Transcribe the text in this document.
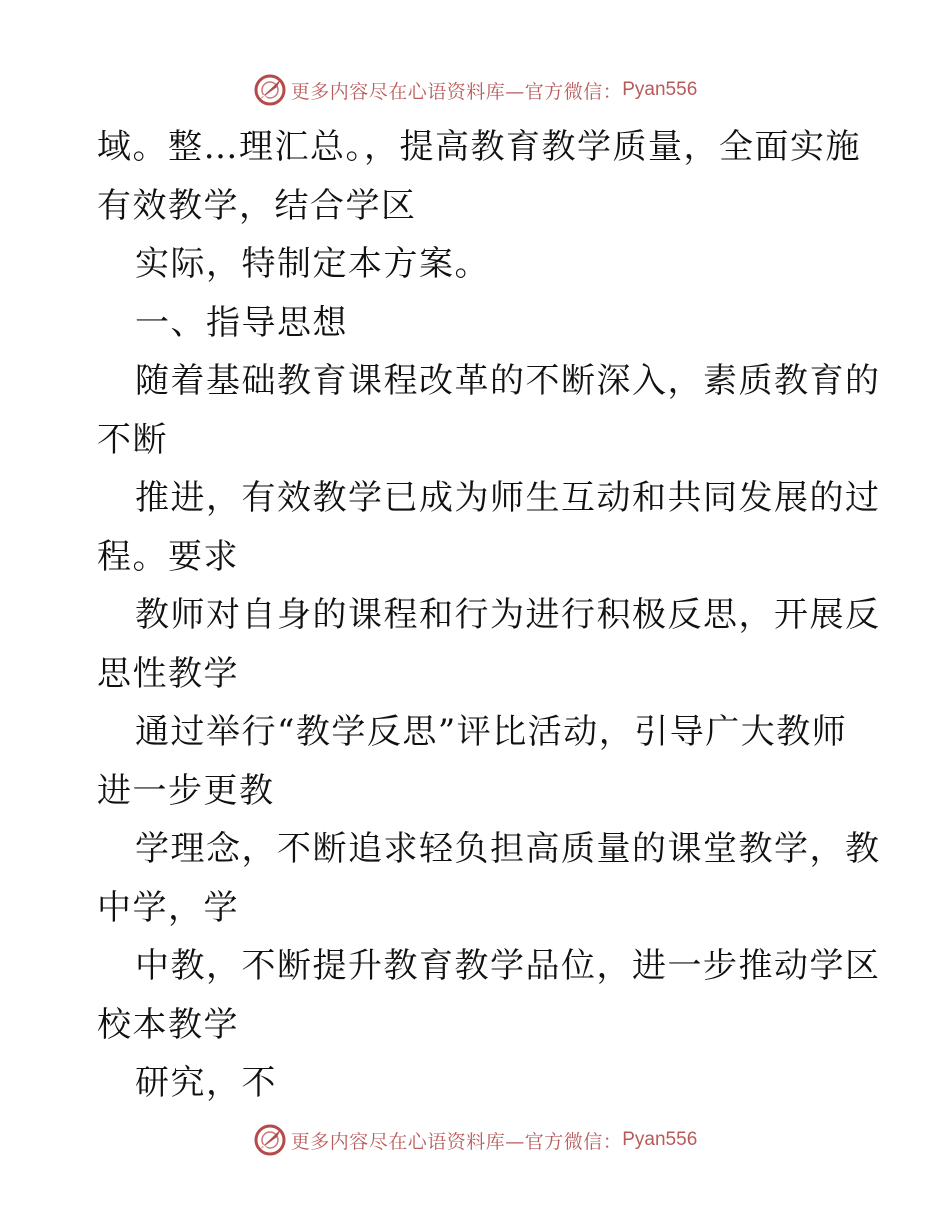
更多内容尽在心语资料库—官方微信： Pyan556
域。整…理汇总。，提高教育教学质量，全面实施
有效教学，结合学区
实际，特制定本方案。
一、指导思想
随着基础教育课程改革的不断深入，素质教育的
不断
推进，有效教学已成为师生互动和共同发展的过
程。要求
教师对自身的课程和行为进行积极反思，开展反
思性教学
通过举行“教学反思”评比活动，引导广大教师
进一步更教
学理念，不断追求轻负担高质量的课堂教学，教
中学，学
中教，不断提升教育教学品位，进一步推动学区
校本教学
研究，不
更多内容尽在心语资料库—官方微信： Pyan556
